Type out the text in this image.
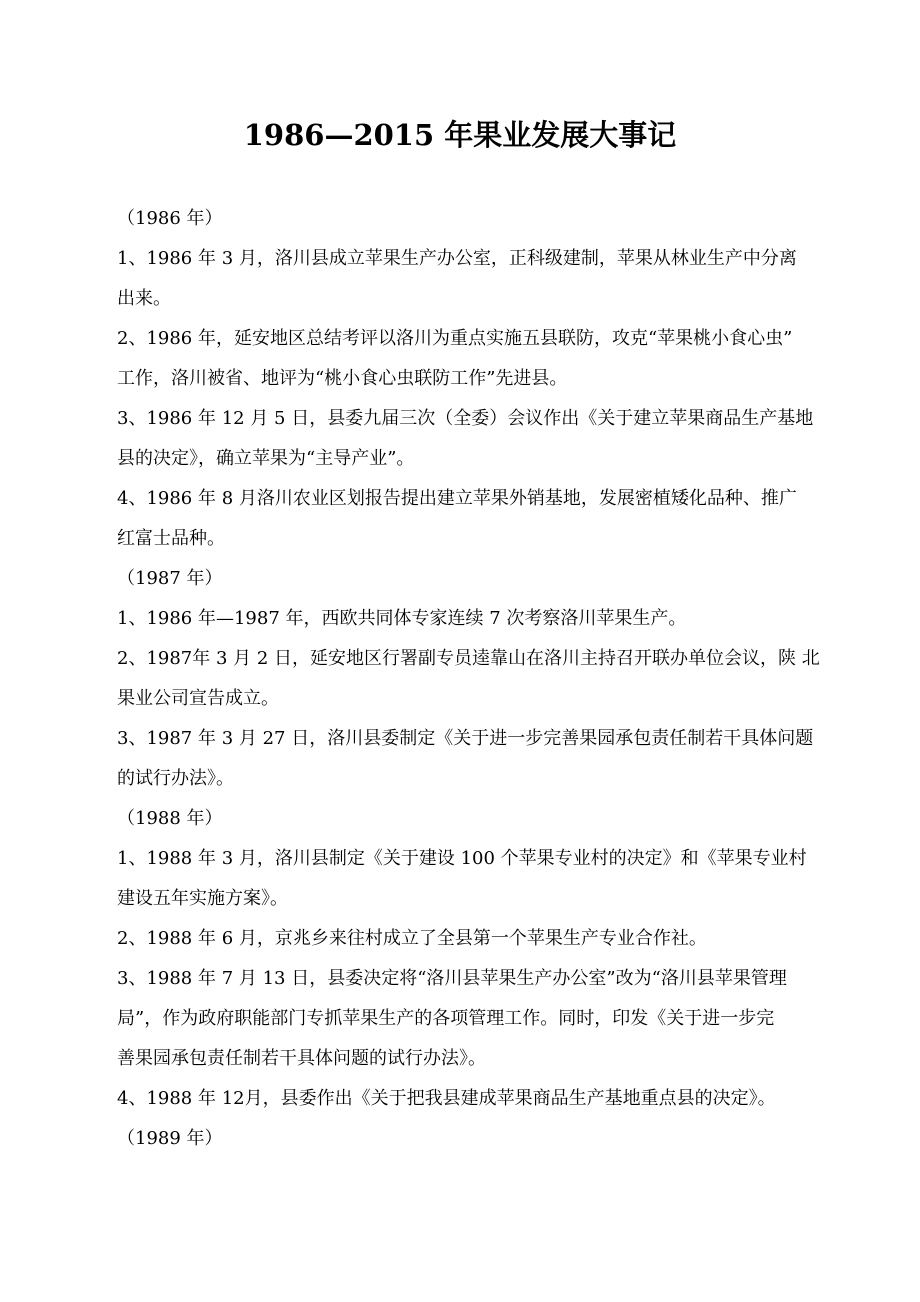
1986—2015 年果业发展大事记

（1986 年）

1、1986 年 3 月，洛川县成立苹果生产办公室，正科级建制，苹果从林业生产中分离
出来。

2、1986 年，延安地区总结考评以洛川为重点实施五县联防，攻克“苹果桃小食心虫”
工作，洛川被省、地评为“桃小食心虫联防工作”先进县。

3、1986 年 12 月 5 日，县委九届三次（全委）会议作出《关于建立苹果商品生产基地
县的决定》，确立苹果为“主导产业”。

4、1986 年 8 月洛川农业区划报告提出建立苹果外销基地，发展密植矮化品种、推广
红富士品种。

（1987 年）

1、1986 年—1987 年，西欧共同体专家连续 7 次考察洛川苹果生产。

2、1987年 3 月 2 日，延安地区行署副专员逵靠山在洛川主持召开联办单位会议，陕 北
果业公司宣告成立。

3、1987 年 3 月 27 日，洛川县委制定《关于进一步完善果园承包责任制若干具体问题
的试行办法》。

（1988 年）

1、1988 年 3 月，洛川县制定《关于建设 100 个苹果专业村的决定》和《苹果专业村
建设五年实施方案》。

2、1988 年 6 月，京兆乡来往村成立了全县第一个苹果生产专业合作社。

3、1988 年 7 月 13 日，县委决定将“洛川县苹果生产办公室”改为“洛川县苹果管理
局”，作为政府职能部门专抓苹果生产的各项管理工作。同时，印发《关于进一步完
善果园承包责任制若干具体问题的试行办法》。

4、1988 年 12月，县委作出《关于把我县建成苹果商品生产基地重点县的决定》。

（1989 年）
